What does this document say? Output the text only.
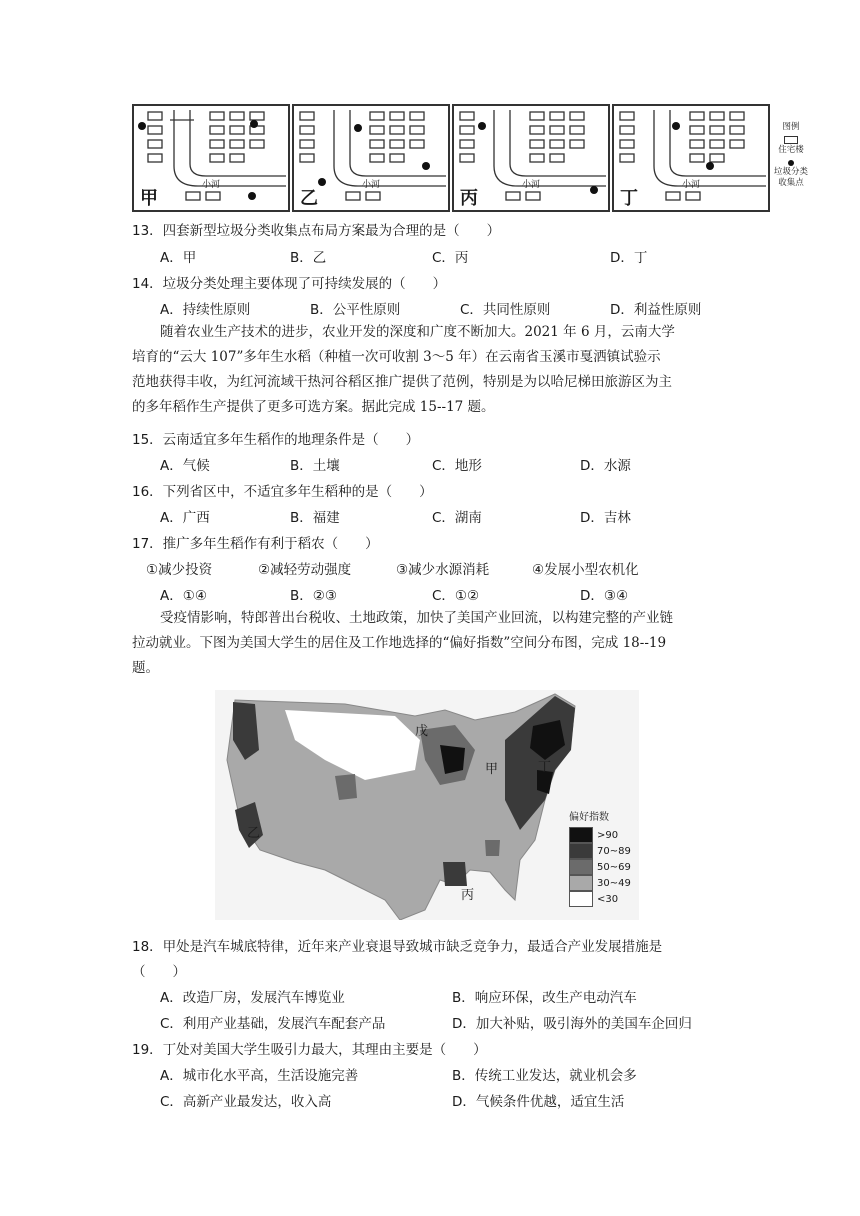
甲
小河
乙
小河
丙
小河
丁
小河
图例
住宅楼
垃圾分类收集点
13．四套新型垃圾分类收集点布局方案最为合理的是（　　）
A．甲	B．乙	C．丙	D．丁
14．垃圾分类处理主要体现了可持续发展的（　　）
A．持续性原则	B．公平性原则	C．共同性原则	D．利益性原则
随着农业生产技术的进步，农业开发的深度和广度不断加大。2021 年 6 月，云南大学
培育的“云大 107”多年生水稻（种植一次可收割 3～5 年）在云南省玉溪市戛洒镇试验示
范地获得丰收，为红河流域干热河谷稻区推广提供了范例，特别是为以哈尼梯田旅游区为主
的多年稻作生产提供了更多可选方案。据此完成 15--17 题。
15．云南适宜多年生稻作的地理条件是（　　）
A．气候	B．土壤	C．地形	D．水源
16．下列省区中，不适宜多年生稻种的是（　　）
A．广西	B．福建	C．湖南	D．吉林
17．推广多年生稻作有利于稻农（　　）
①减少投资	②减轻劳动强度	③减少水源消耗	④发展小型农机化
A．①④	B．②③	C．①②	D．③④
受疫情影响，特郎普出台税收、土地政策，加快了美国产业回流，以构建完整的产业链
拉动就业。下图为美国大学生的居住及工作地选择的“偏好指数”空间分布图，完成 18--19
题。
戊
甲	丁
乙
丙
偏好指数
>90
70~89
50~69
30~49
<30
18．甲处是汽车城底特律，近年来产业衰退导致城市缺乏竞争力，最适合产业发展措施是
（　　）
A．改造厂房，发展汽车博览业	B．响应环保，改生产电动汽车
C．利用产业基础，发展汽车配套产品	D．加大补贴，吸引海外的美国车企回归
19．丁处对美国大学生吸引力最大，其理由主要是（　　）
A．城市化水平高，生活设施完善	B．传统工业发达，就业机会多
C．高新产业最发达，收入高	D．气候条件优越，适宜生活
